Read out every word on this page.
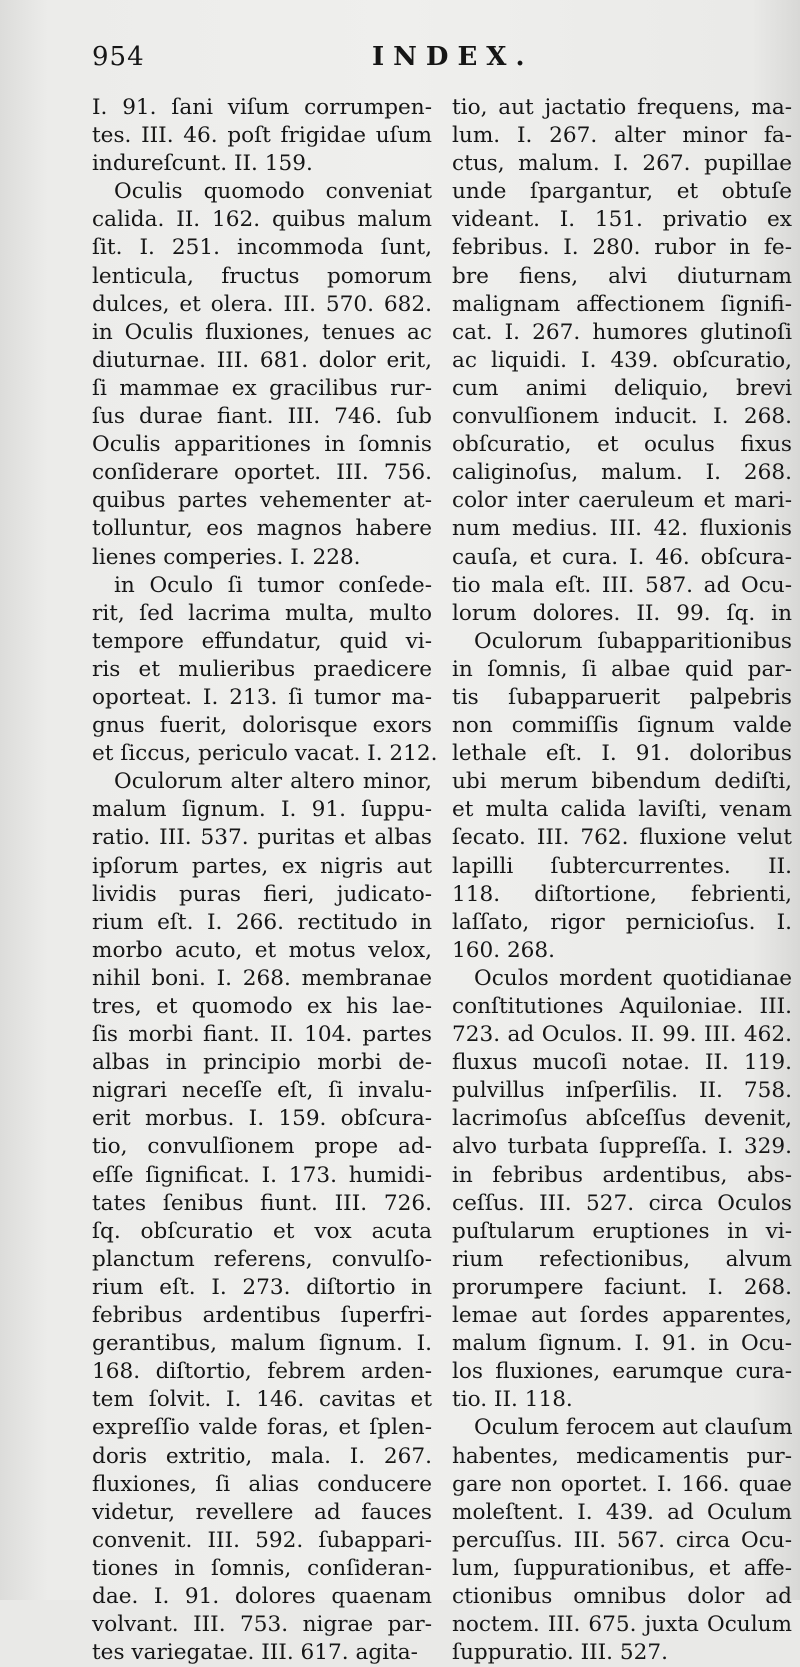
954	INDEX.
I. 91. ſani viſum corrumpen-
tes. III. 46. poſt frigidae uſum
indureſcunt. II. 159.
Oculis quomodo conveniat
calida. II. 162. quibus malum
ſit. I. 251. incommoda ſunt,
lenticula, fructus pomorum
dulces, et olera. III. 570. 682.
in Oculis fluxiones, tenues ac
diuturnae. III. 681. dolor erit,
ſi mammae ex gracilibus rur-
ſus durae fiant. III. 746. ſub
Oculis apparitiones in ſomnis
conſiderare oportet. III. 756.
quibus partes vehementer at-
tolluntur, eos magnos habere
lienes comperies. I. 228.
in Oculo ſi tumor conſede-
rit, ſed lacrima multa, multo
tempore effundatur, quid vi-
ris et mulieribus praedicere
oporteat. I. 213. ſi tumor ma-
gnus fuerit, dolorisque exors
et ſiccus, periculo vacat. I. 212.
Oculorum alter altero minor,
malum ſignum. I. 91. ſuppu-
ratio. III. 537. puritas et albas
ipſorum partes, ex nigris aut
lividis puras fieri, judicato-
rium eſt. I. 266. rectitudo in
morbo acuto, et motus velox,
nihil boni. I. 268. membranae
tres, et quomodo ex his lae-
ſis morbi fiant. II. 104. partes
albas in principio morbi de-
nigrari neceſſe eſt, ſi invalu-
erit morbus. I. 159. obſcura-
tio, convulſionem prope ad-
eſſe ſignificat. I. 173. humidi-
tates ſenibus fiunt. III. 726.
ſq. obſcuratio et vox acuta
planctum referens, convulſo-
rium eſt. I. 273. diſtortio in
febribus ardentibus ſuperfri-
gerantibus, malum ſignum. I.
168. diſtortio, febrem arden-
tem ſolvit. I. 146. cavitas et
expreſſio valde foras, et ſplen-
doris extritio, mala. I. 267.
fluxiones, ſi alias conducere
videtur, revellere ad fauces
convenit. III. 592. ſubappari-
tiones in ſomnis, conſideran-
dae. I. 91. dolores quaenam
volvant. III. 753. nigrae par-
tes variegatae. III. 617. agita-
tio, aut jactatio frequens, ma-
lum. I. 267. alter minor fa-
ctus, malum. I. 267. pupillae
unde ſpargantur, et obtuſe
videant. I. 151. privatio ex
febribus. I. 280. rubor in fe-
bre fiens, alvi diuturnam
malignam affectionem ſignifi-
cat. I. 267. humores glutinoſi
ac liquidi. I. 439. obſcuratio,
cum animi deliquio, brevi
convulſionem inducit. I. 268.
obſcuratio, et oculus fixus
caliginoſus, malum. I. 268.
color inter caeruleum et mari-
num medius. III. 42. fluxionis
cauſa, et cura. I. 46. obſcura-
tio mala eſt. III. 587. ad Ocu-
lorum dolores. II. 99. ſq. in
Oculorum ſubapparitionibus
in ſomnis, ſi albae quid par-
tis ſubapparuerit palpebris
non commiſſis ſignum valde
lethale eſt. I. 91. doloribus
ubi merum bibendum dediſti,
et multa calida laviſti, venam
ſecato. III. 762. fluxione velut
lapilli ſubtercurrentes. II.
118. diſtortione, febrienti,
laſſato, rigor pernicioſus. I.
160. 268.
Oculos mordent quotidianae
conſtitutiones Aquiloniae. III.
723. ad Oculos. II. 99. III. 462.
fluxus mucoſi notae. II. 119.
pulvillus inſperſilis. II. 758.
lacrimoſus abſceſſus devenit,
alvo turbata ſuppreſſa. I. 329.
in febribus ardentibus, abs-
ceſſus. III. 527. circa Oculos
puſtularum eruptiones in vi-
rium refectionibus, alvum
prorumpere faciunt. I. 268.
lemae aut ſordes apparentes,
malum ſignum. I. 91. in Ocu-
los fluxiones, earumque cura-
tio. II. 118.
Oculum ferocem aut clauſum
habentes, medicamentis pur-
gare non oportet. I. 166. quae
moleſtent. I. 439. ad Oculum
percuſſus. III. 567. circa Ocu-
lum, ſuppurationibus, et affe-
ctionibus omnibus dolor ad
noctem. III. 675. juxta Oculum
ſuppuratio. III. 527.
